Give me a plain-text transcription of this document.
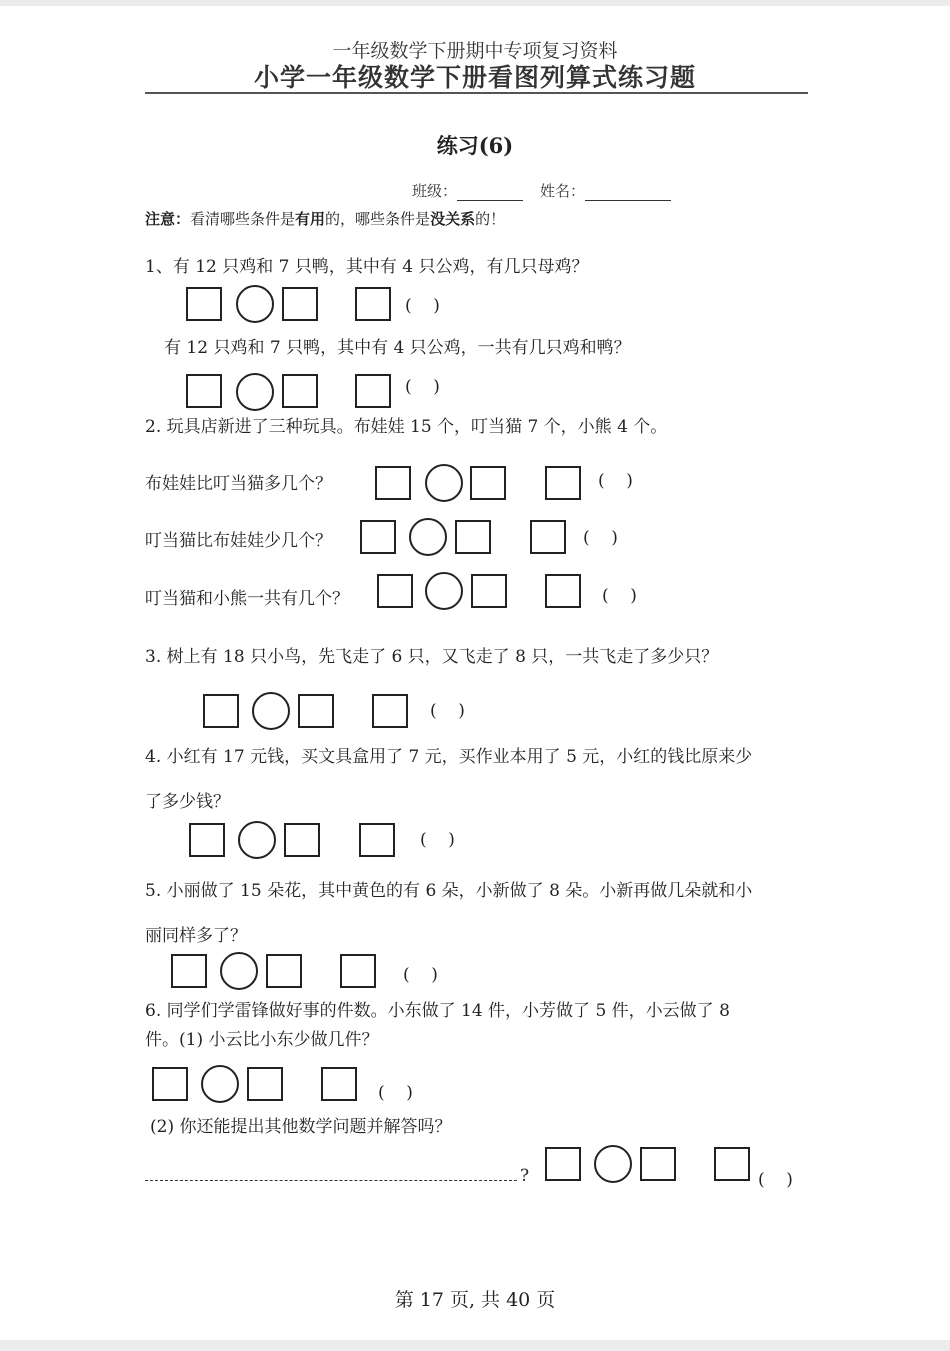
一年级数学下册期中专项复习资料
小学一年级数学下册看图列算式练习题
练习(6)
班级：	姓名：
注意：看清哪些条件是有用的，哪些条件是没关系的！
1、有 12 只鸡和 7 只鸭，其中有 4 只公鸡，有几只母鸡？
(    )
有 12 只鸡和 7 只鸭，其中有 4 只公鸡，一共有几只鸡和鸭？
(    )
2. 玩具店新进了三种玩具。布娃娃 15 个，叮当猫 7 个，小熊 4 个。
布娃娃比叮当猫多几个？	(    )
叮当猫比布娃娃少几个？	(    )
叮当猫和小熊一共有几个？	(    )
3. 树上有 18 只小鸟，先飞走了 6 只，又飞走了 8 只，一共飞走了多少只？
(    )
4. 小红有 17 元钱，买文具盒用了 7 元，买作业本用了 5 元，小红的钱比原来少
了多少钱？
(    )
5. 小丽做了 15 朵花，其中黄色的有 6 朵，小新做了 8 朵。小新再做几朵就和小
丽同样多了？
(    )
6. 同学们学雷锋做好事的件数。小东做了 14 件，小芳做了 5 件，小云做了 8
件。(1) 小云比小东少做几件？
(    )
(2) 你还能提出其他数学问题并解答吗？
?	(    )
第 17 页, 共 40 页
